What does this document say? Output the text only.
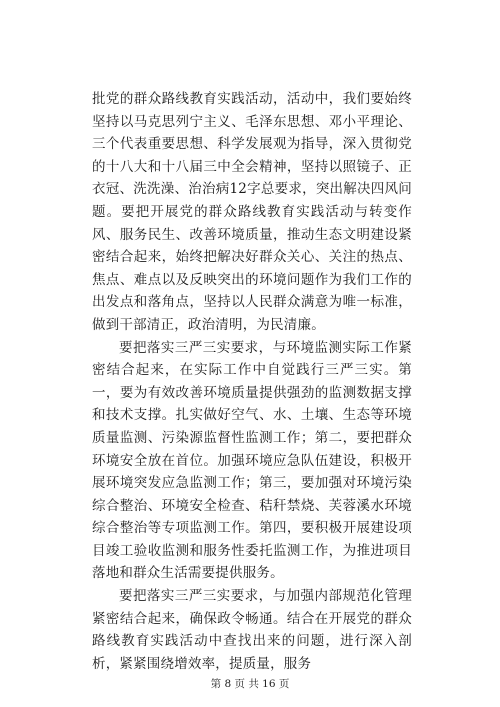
批党的群众路线教育实践活动，活动中，我们要始终坚持以马克思列宁主义、毛泽东思想、邓小平理论、三个代表重要思想、科学发展观为指导，深入贯彻党的十八大和十八届三中全会精神，坚持以照镜子、正衣冠、洗洗澡、治治病12字总要求，突出解决四风问题。要把开展党的群众路线教育实践活动与转变作风、服务民生、改善环境质量，推动生态文明建设紧密结合起来，始终把解决好群众关心、关注的热点、焦点、难点以及反映突出的环境问题作为我们工作的出发点和落角点，坚持以人民群众满意为唯一标准，做到干部清正，政治清明，为民清廉。

要把落实三严三实要求，与环境监测实际工作紧密结合起来，在实际工作中自觉践行三严三实。第一，要为有效改善环境质量提供强劲的监测数据支撑和技术支撑。扎实做好空气、水、土壤、生态等环境质量监测、污染源监督性监测工作；第二，要把群众环境安全放在首位。加强环境应急队伍建设，积极开展环境突发应急监测工作；第三，要加强对环境污染综合整治、环境安全检查、秸秆禁烧、芙蓉溪水环境综合整治等专项监测工作。第四，要积极开展建设项目竣工验收监测和服务性委托监测工作，为推进项目落地和群众生活需要提供服务。

要把落实三严三实要求，与加强内部规范化管理紧密结合起来，确保政令畅通。结合在开展党的群众路线教育实践活动中查找出来的问题，进行深入剖析，紧紧围绕增效率，提质量，服务

第 8 页 共 16 页
